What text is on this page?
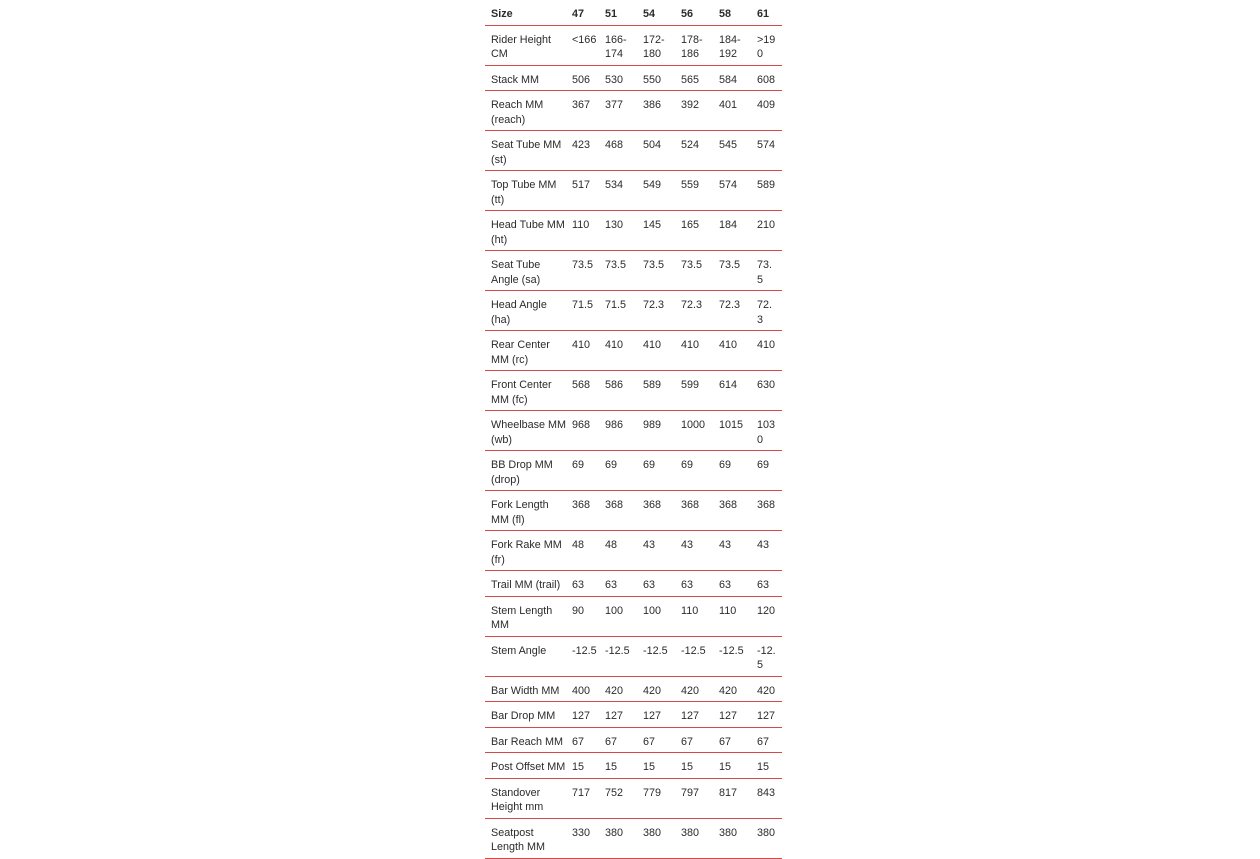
Size	47	51	54	56	58	61
Rider Height CM	<166	166-174	172-180	178-186	184-192	>190
Stack MM	506	530	550	565	584	608
Reach MM (reach)	367	377	386	392	401	409
Seat Tube MM (st)	423	468	504	524	545	574
Top Tube MM (tt)	517	534	549	559	574	589
Head Tube MM (ht)	110	130	145	165	184	210
Seat Tube Angle (sa)	73.5	73.5	73.5	73.5	73.5	73.5
Head Angle (ha)	71.5	71.5	72.3	72.3	72.3	72.3
Rear Center MM (rc)	410	410	410	410	410	410
Front Center MM (fc)	568	586	589	599	614	630
Wheelbase MM (wb)	968	986	989	1000	1015	1030
BB Drop MM (drop)	69	69	69	69	69	69
Fork Length MM (fl)	368	368	368	368	368	368
Fork Rake MM (fr)	48	48	43	43	43	43
Trail MM (trail)	63	63	63	63	63	63
Stem Length MM	90	100	100	110	110	120
Stem Angle	-12.5	-12.5	-12.5	-12.5	-12.5	-12.5
Bar Width MM	400	420	420	420	420	420
Bar Drop MM	127	127	127	127	127	127
Bar Reach MM	67	67	67	67	67	67
Post Offset MM	15	15	15	15	15	15
Standover Height mm	717	752	779	797	817	843
Seatpost Length MM	330	380	380	380	380	380
